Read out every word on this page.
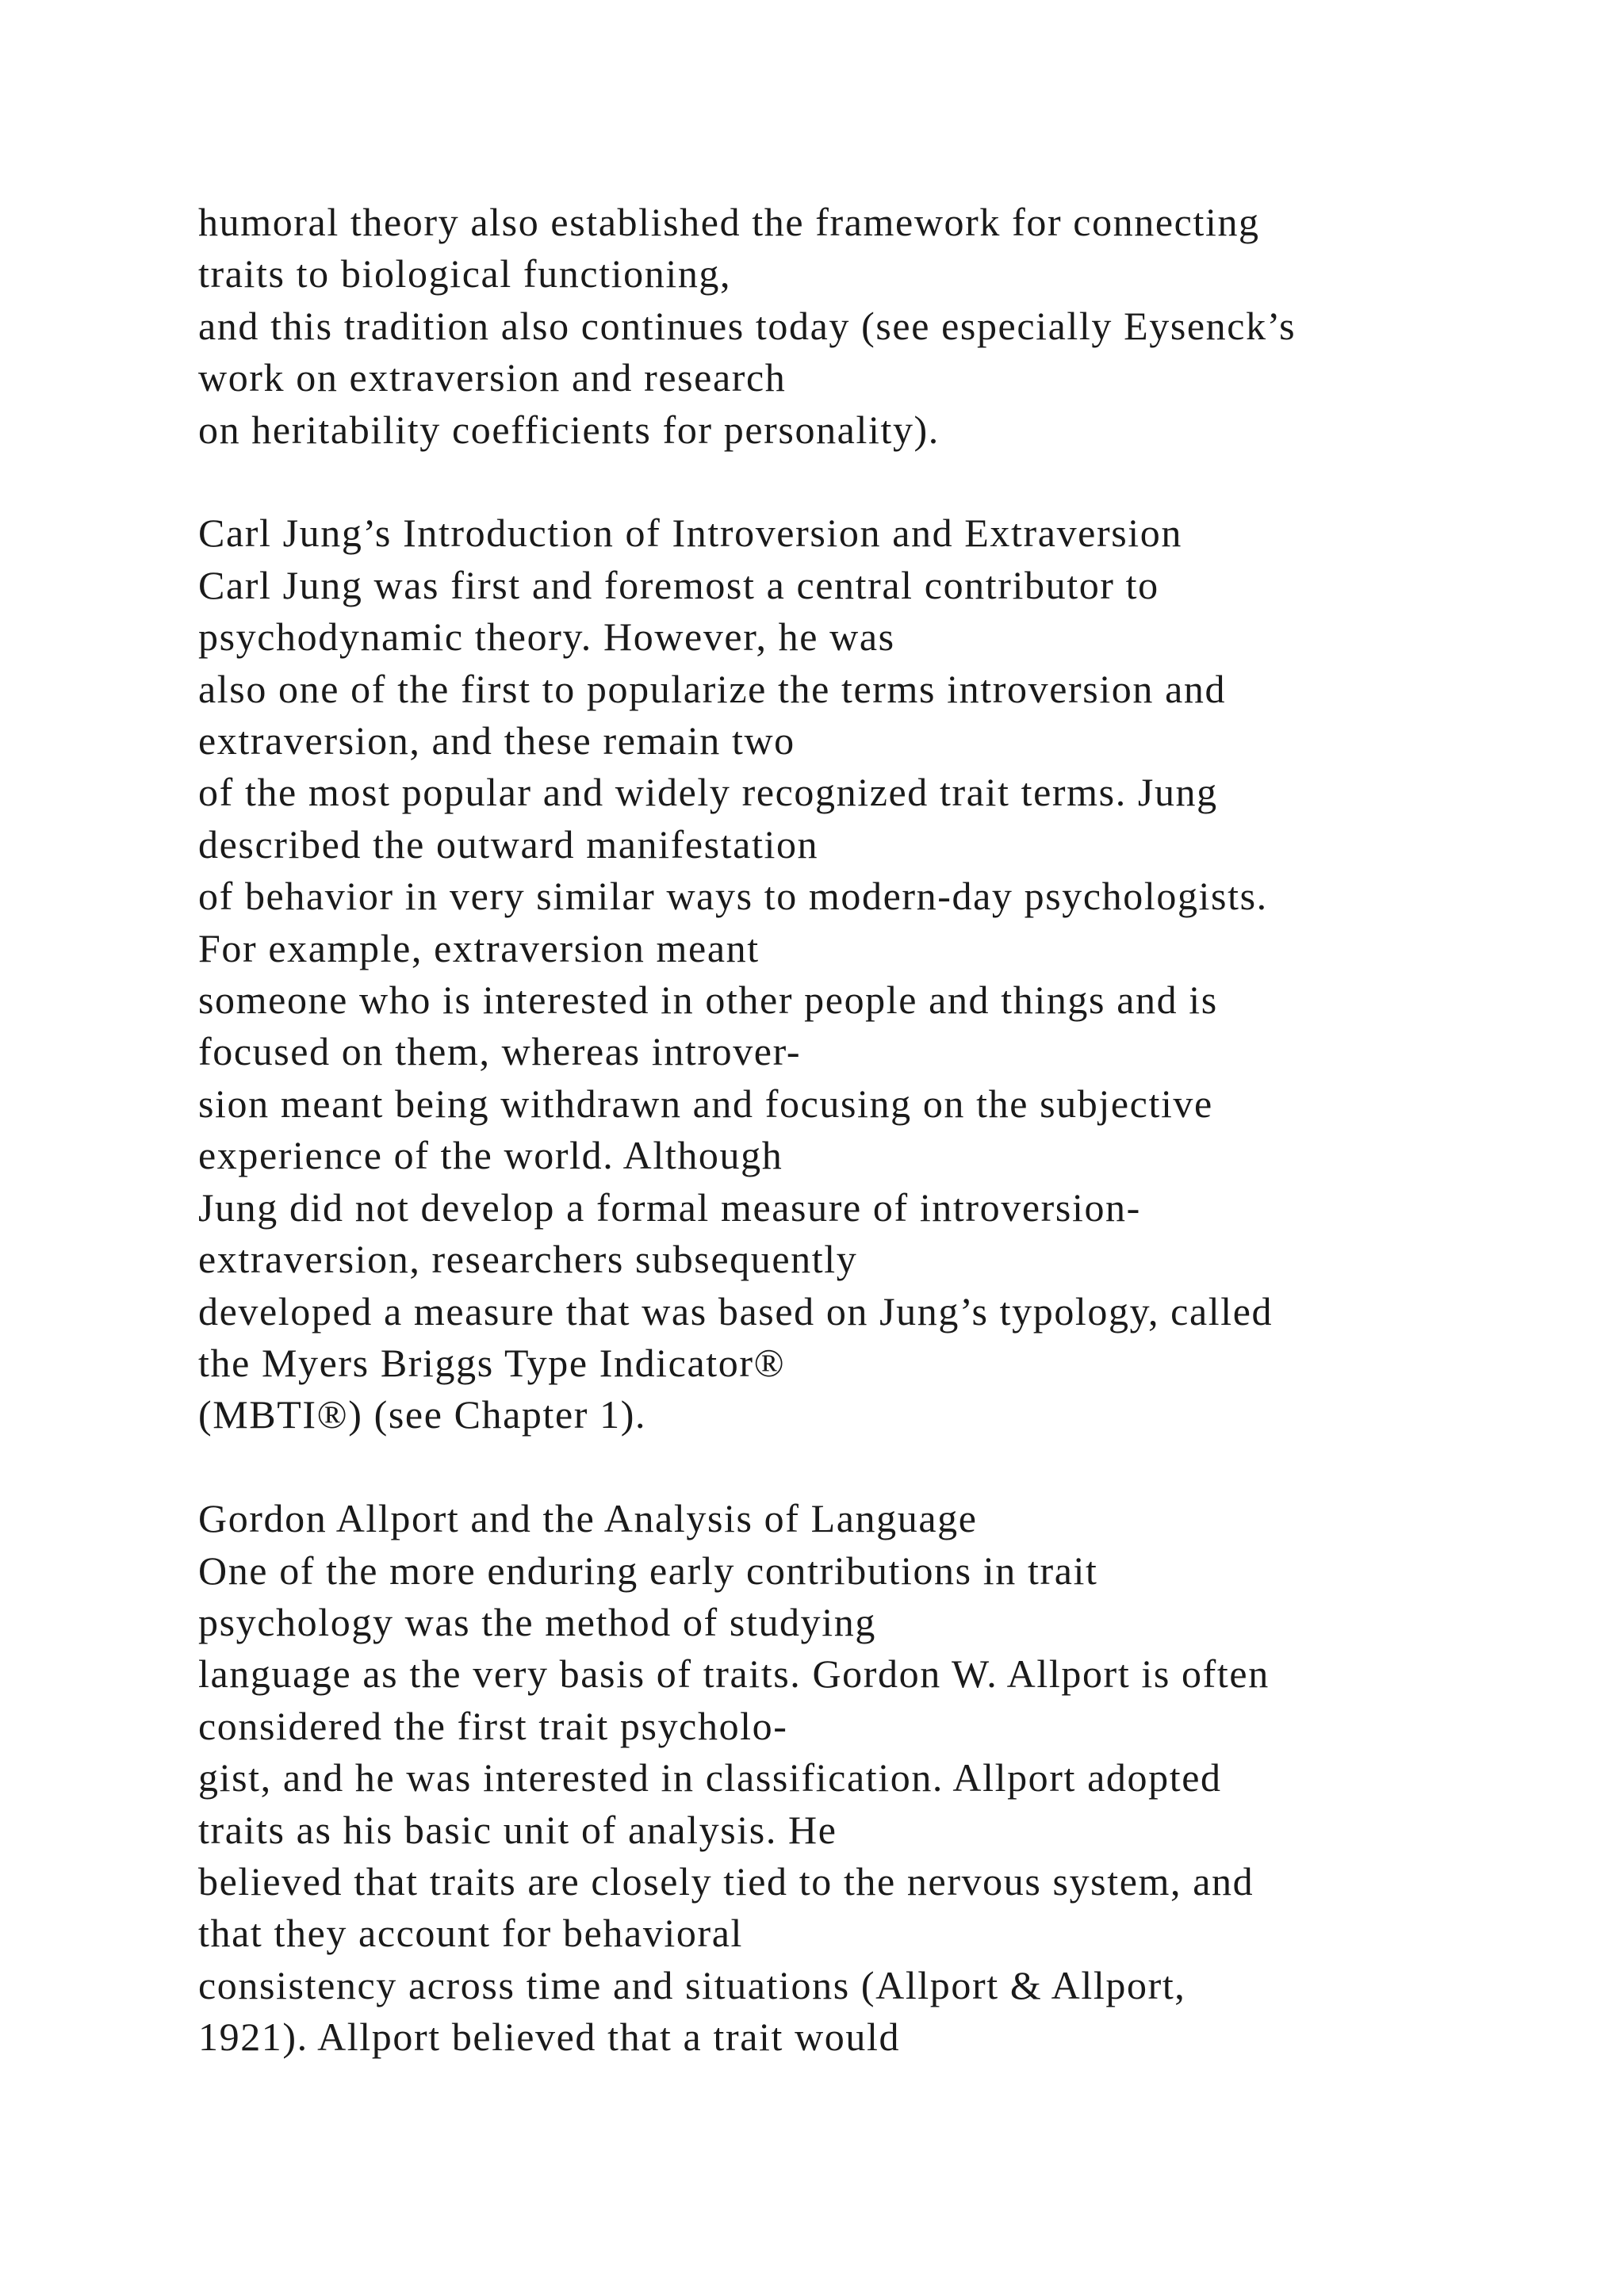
humoral theory also established the framework for connecting
traits to biological functioning,
and this tradition also continues today (see especially Eysenck’s
work on extraversion and research
on heritability coefficients for personality).
Carl Jung’s Introduction of Introversion and Extraversion
Carl Jung was first and foremost a central contributor to
psychodynamic theory. However, he was
also one of the first to popularize the terms introversion and
extraversion, and these remain two
of the most popular and widely recognized trait terms. Jung
described the outward manifestation
of behavior in very similar ways to modern-day psychologists.
For example, extraversion meant
someone who is interested in other people and things and is
focused on them, whereas introver-
sion meant being withdrawn and focusing on the subjective
experience of the world. Although
Jung did not develop a formal measure of introversion-
extraversion, researchers subsequently
developed a measure that was based on Jung’s typology, called
the Myers Briggs Type Indicator®
(MBTI®) (see Chapter 1).
Gordon Allport and the Analysis of Language
One of the more enduring early contributions in trait
psychology was the method of studying
language as the very basis of traits. Gordon W. Allport is often
considered the first trait psycholo-
gist, and he was interested in classification. Allport adopted
traits as his basic unit of analysis. He
believed that traits are closely tied to the nervous system, and
that they account for behavioral
consistency across time and situations (Allport & Allport,
1921). Allport believed that a trait would
